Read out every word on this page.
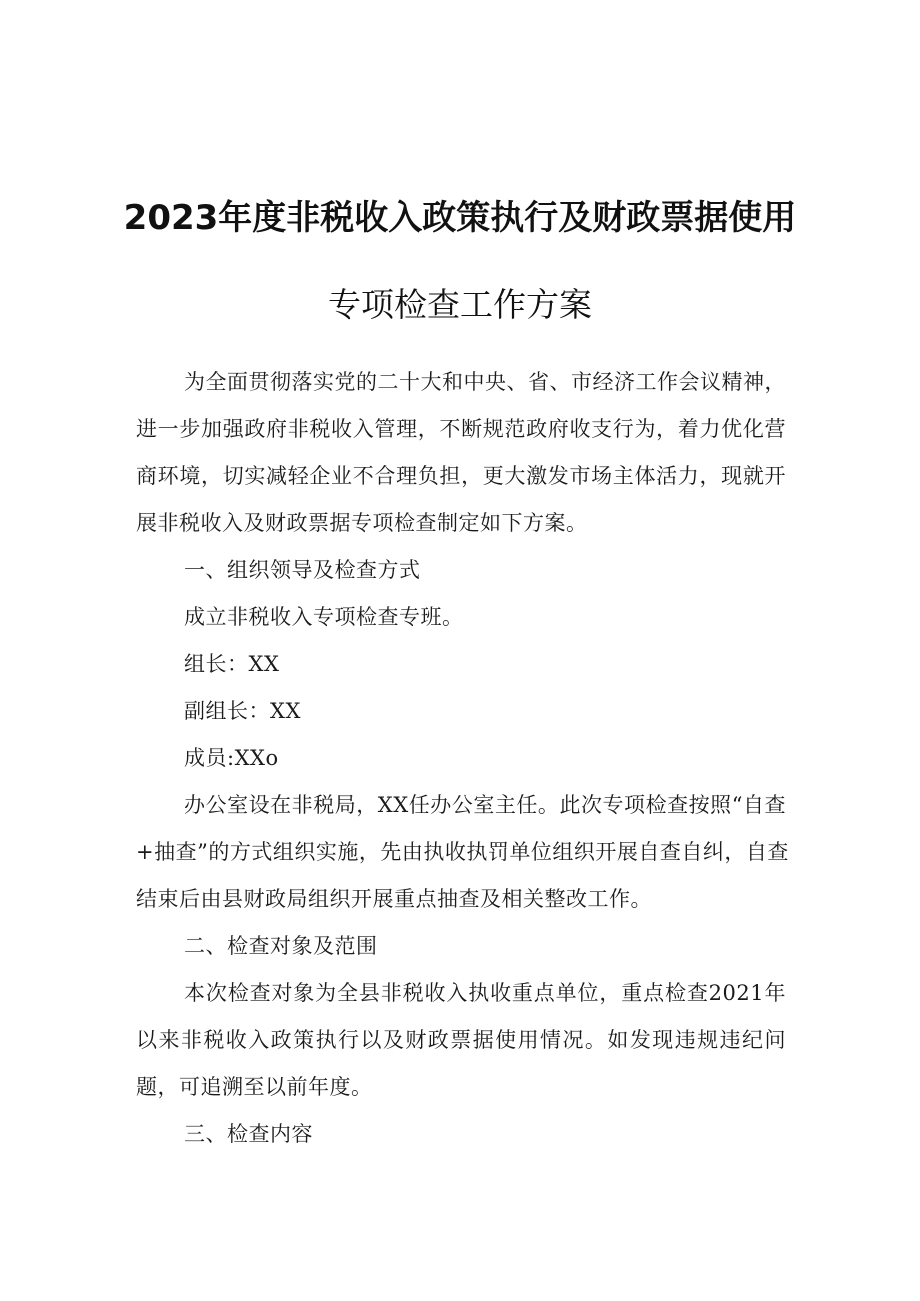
2023年度非税收入政策执行及财政票据使用
专项检查工作方案
为全面贯彻落实党的二十大和中央、省、市经济工作会议精神，
进一步加强政府非税收入管理，不断规范政府收支行为，着力优化营
商环境，切实减轻企业不合理负担，更大激发市场主体活力，现就开
展非税收入及财政票据专项检查制定如下方案。
一、组织领导及检查方式
成立非税收入专项检查专班。
组长：XX
副组长：XX
成员:XXo
办公室设在非税局，XX任办公室主任。此次专项检查按照“自查
+抽查”的方式组织实施，先由执收执罚单位组织开展自查自纠，自查
结束后由县财政局组织开展重点抽查及相关整改工作。
二、检查对象及范围
本次检查对象为全县非税收入执收重点单位，重点检查2021年
以来非税收入政策执行以及财政票据使用情况。如发现违规违纪问
题，可追溯至以前年度。
三、检查内容
